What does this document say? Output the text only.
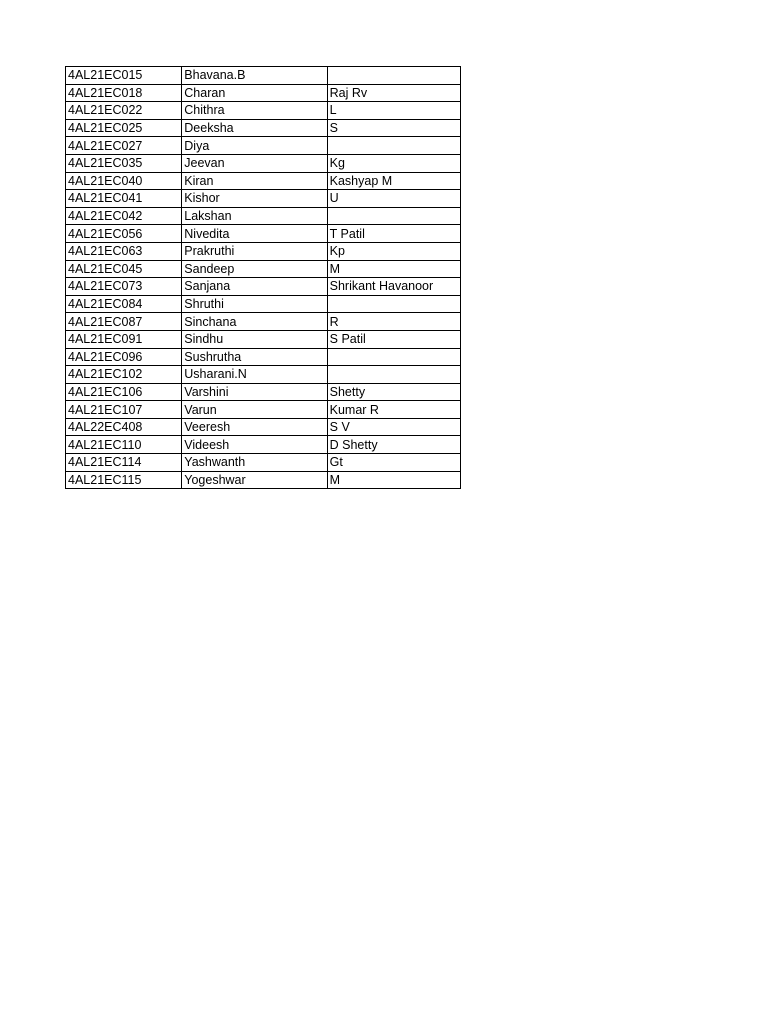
4AL21EC015	Bhavana.B	
4AL21EC018	Charan	Raj Rv
4AL21EC022	Chithra	L
4AL21EC025	Deeksha	S
4AL21EC027	Diya	
4AL21EC035	Jeevan	Kg
4AL21EC040	Kiran	Kashyap M
4AL21EC041	Kishor	U
4AL21EC042	Lakshan	
4AL21EC056	Nivedita	T Patil
4AL21EC063	Prakruthi	Kp
4AL21EC045	Sandeep	M
4AL21EC073	Sanjana	Shrikant Havanoor
4AL21EC084	Shruthi	
4AL21EC087	Sinchana	R
4AL21EC091	Sindhu	S Patil
4AL21EC096	Sushrutha	
4AL21EC102	Usharani.N	
4AL21EC106	Varshini	Shetty
4AL21EC107	Varun	Kumar R
4AL22EC408	Veeresh	S V
4AL21EC110	Videesh	D Shetty
4AL21EC114	Yashwanth	Gt
4AL21EC115	Yogeshwar	M
